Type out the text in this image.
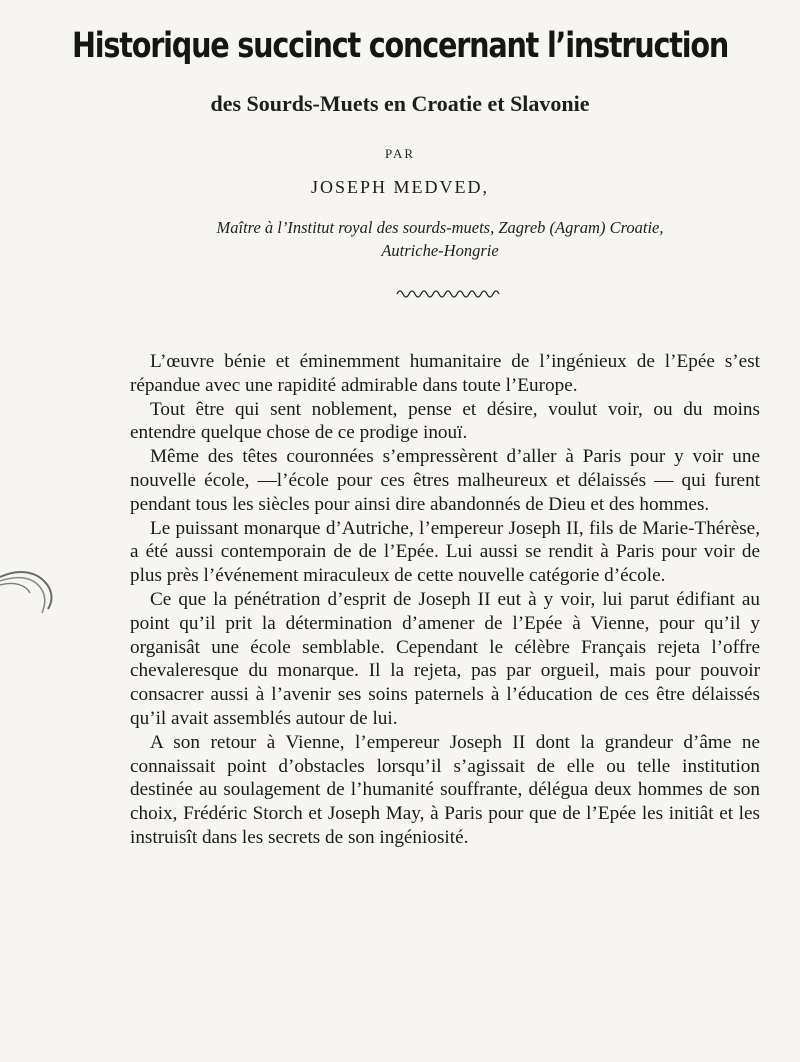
Historique succinct concernant l’instruction
des Sourds-Muets en Croatie et Slavonie
PAR
JOSEPH MEDVED,
Maître à l’Institut royal des sourds-muets, Zagreb (Agram) Croatie,
Autriche-Hongrie

L’œuvre bénie et éminemment humanitaire de l’ingénieux de l’Epée s’est répandue avec une rapidité admirable dans toute l’Europe.

Tout être qui sent noblement, pense et désire, voulut voir, ou du moins entendre quelque chose de ce prodige inouï.

Même des têtes couronnées s’empressèrent d’aller à Paris pour y voir une nouvelle école, —l’école pour ces êtres malheureux et délaissés — qui furent pendant tous les siècles pour ainsi dire abandonnés de Dieu et des hommes.

Le puissant monarque d’Autriche, l’empereur Joseph II, fils de Marie-Thérèse, a été aussi contemporain de de l’Epée. Lui aussi se rendit à Paris pour voir de plus près l’événement miraculeux de cette nouvelle catégorie d’école.

Ce que la pénétration d’esprit de Joseph II eut à y voir, lui parut édifiant au point qu’il prit la détermination d’amener de l’Epée à Vienne, pour qu’il y organisât une école semblable. Cependant le célèbre Français rejeta l’offre chevaleresque du monarque. Il la rejeta, pas par orgueil, mais pour pouvoir consacrer aussi à l’avenir ses soins paternels à l’éducation de ces être délaissés qu’il avait assemblés autour de lui.

A son retour à Vienne, l’empereur Joseph II dont la grandeur d’âme ne connaissait point d’obstacles lorsqu’il s’agissait de elle ou telle institution destinée au soulagement de l’humanité souffrante, délégua deux hommes de son choix, Frédéric Storch et Joseph May, à Paris pour que de l’Epée les initiât et les instruisît dans les secrets de son ingéniosité.
